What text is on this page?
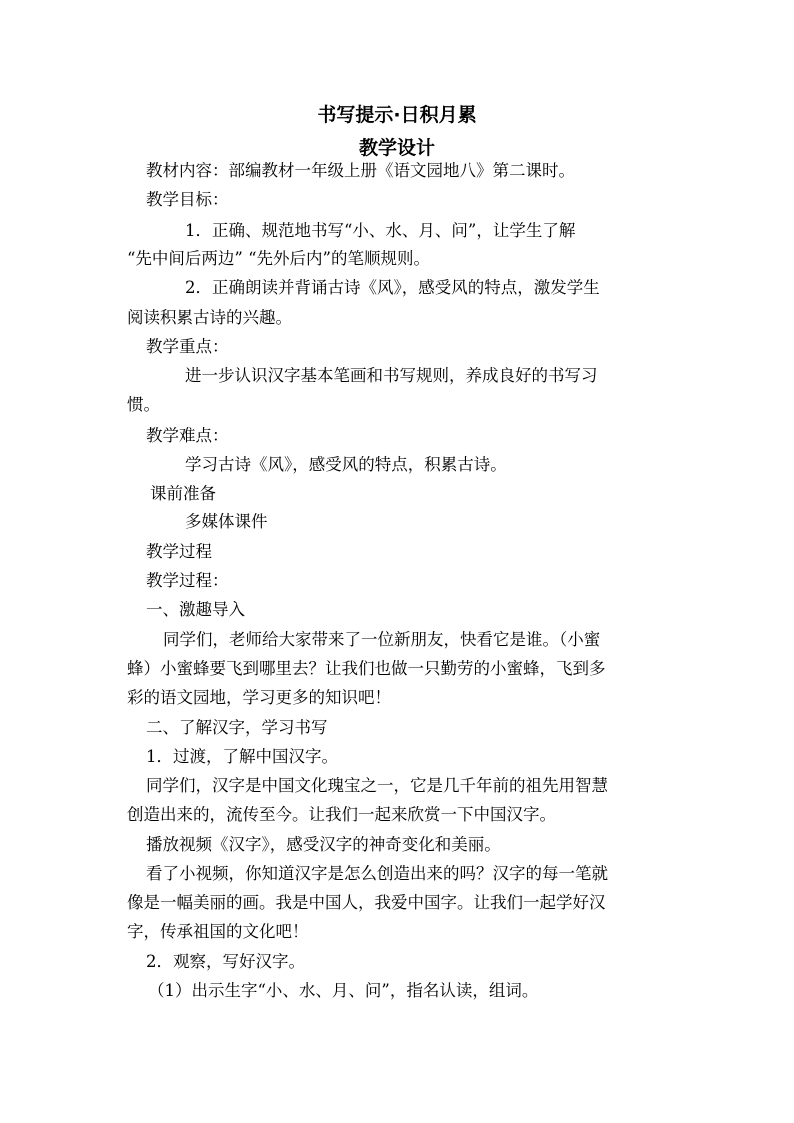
书写提示·日积月累
教学设计
教材内容：部编教材一年级上册《语文园地八》第二课时。
教学目标：
1．正确、规范地书写“小、水、月、问”，让学生了解
“先中间后两边” “先外后内”的笔顺规则。
2．正确朗读并背诵古诗《风》，感受风的特点，激发学生
阅读积累古诗的兴趣。
教学重点：
进一步认识汉字基本笔画和书写规则，养成良好的书写习
惯。
教学难点：
学习古诗《风》，感受风的特点，积累古诗。
课前准备
多媒体课件
教学过程
教学过程：
一、激趣导入
同学们，老师给大家带来了一位新朋友，快看它是谁。（小蜜
蜂）小蜜蜂要飞到哪里去？让我们也做一只勤劳的小蜜蜂，飞到多
彩的语文园地，学习更多的知识吧！
二、了解汉字，学习书写
1．过渡，了解中国汉字。
同学们，汉字是中国文化瑰宝之一，它是几千年前的祖先用智慧
创造出来的，流传至今。让我们一起来欣赏一下中国汉字。
播放视频《汉字》，感受汉字的神奇变化和美丽。
看了小视频，你知道汉字是怎么创造出来的吗？汉字的每一笔就
像是一幅美丽的画。我是中国人，我爱中国字。让我们一起学好汉
字，传承祖国的文化吧！
2．观察，写好汉字。
（1）出示生字“小、水、月、问”，指名认读，组词。
